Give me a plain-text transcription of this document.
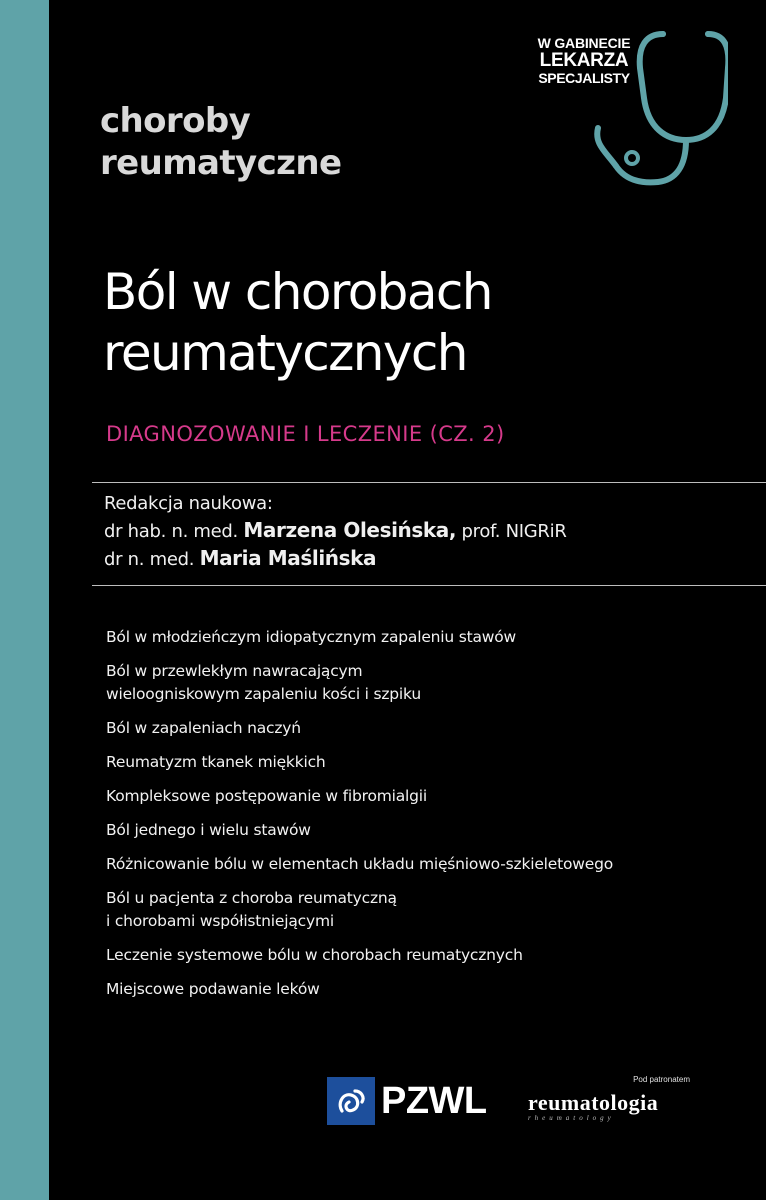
W GABINECIE
LEKARZA
SPECJALISTY
choroby
reumatyczne
Ból w chorobach
reumatycznych
DIAGNOZOWANIE I LECZENIE (CZ. 2)
Redakcja naukowa:
dr hab. n. med. Marzena Olesińska, prof. NIGRiR
dr n. med. Maria Maślińska
Ból w młodzieńczym idiopatycznym zapaleniu stawów
Ból w przewlekłym nawracającym
wieloogniskowym zapaleniu kości i szpiku
Ból w zapaleniach naczyń
Reumatyzm tkanek miękkich
Kompleksowe postępowanie w fibromialgii
Ból jednego i wielu stawów
Różnicowanie bólu w elementach układu mięśniowo-szkieletowego
Ból u pacjenta z choroba reumatyczną
i chorobami współistniejącymi
Leczenie systemowe bólu w chorobach reumatycznych
Miejscowe podawanie leków
PZWL	Pod patronatem
reumatologia
rheumatology
